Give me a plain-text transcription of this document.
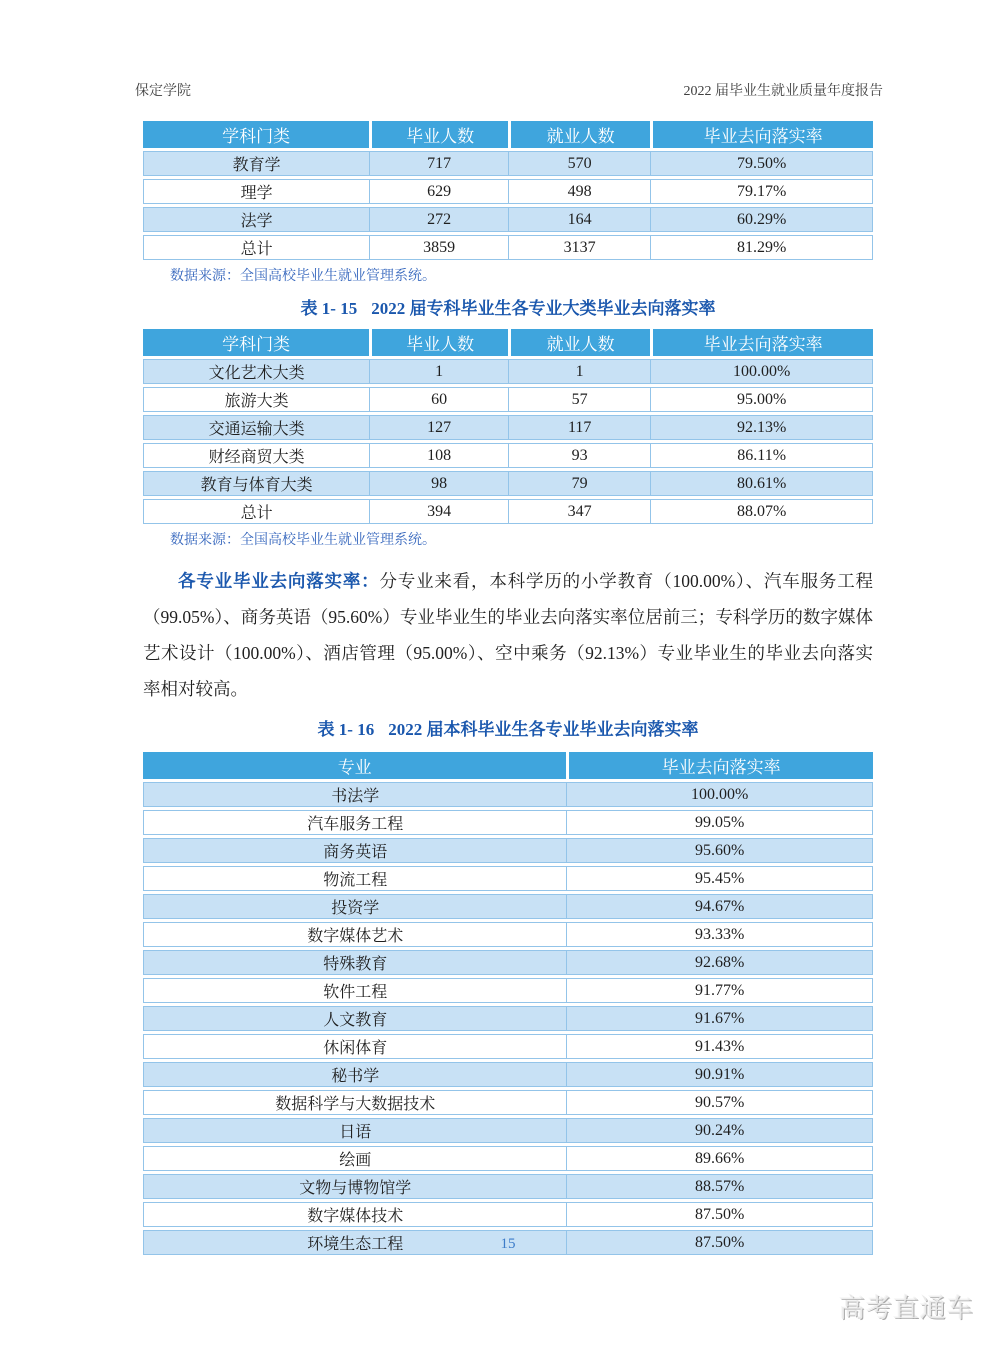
保定学院	2022 届毕业生就业质量年度报告
学科门类	毕业人数	就业人数	毕业去向落实率
教育学	717	570	79.50%
理学	629	498	79.17%
法学	272	164	60.29%
总计	3859	3137	81.29%
数据来源：全国高校毕业生就业管理系统。
表 1- 15 2022 届专科毕业生各专业大类毕业去向落实率
学科门类	毕业人数	就业人数	毕业去向落实率
文化艺术大类	1	1	100.00%
旅游大类	60	57	95.00%
交通运输大类	127	117	92.13%
财经商贸大类	108	93	86.11%
教育与体育大类	98	79	80.61%
总计	394	347	88.07%
数据来源：全国高校毕业生就业管理系统。

各专业毕业去向落实率：分专业来看，本科学历的小学教育（100.00%）、汽车服务工程（99.05%）、商务英语（95.60%）专业毕业生的毕业去向落实率位居前三；专科学历的数字媒体艺术设计（100.00%）、酒店管理（95.00%）、空中乘务（92.13%）专业毕业生的毕业去向落实率相对较高。

表 1- 16 2022 届本科毕业生各专业毕业去向落实率
专业	毕业去向落实率
书法学	100.00%
汽车服务工程	99.05%
商务英语	95.60%
物流工程	95.45%
投资学	94.67%
数字媒体艺术	93.33%
特殊教育	92.68%
软件工程	91.77%
人文教育	91.67%
休闲体育	91.43%
秘书学	90.91%
数据科学与大数据技术	90.57%
日语	90.24%
绘画	89.66%
文物与博物馆学	88.57%
数字媒体技术	87.50%
环境生态工程	87.50%
15
高考直通车
